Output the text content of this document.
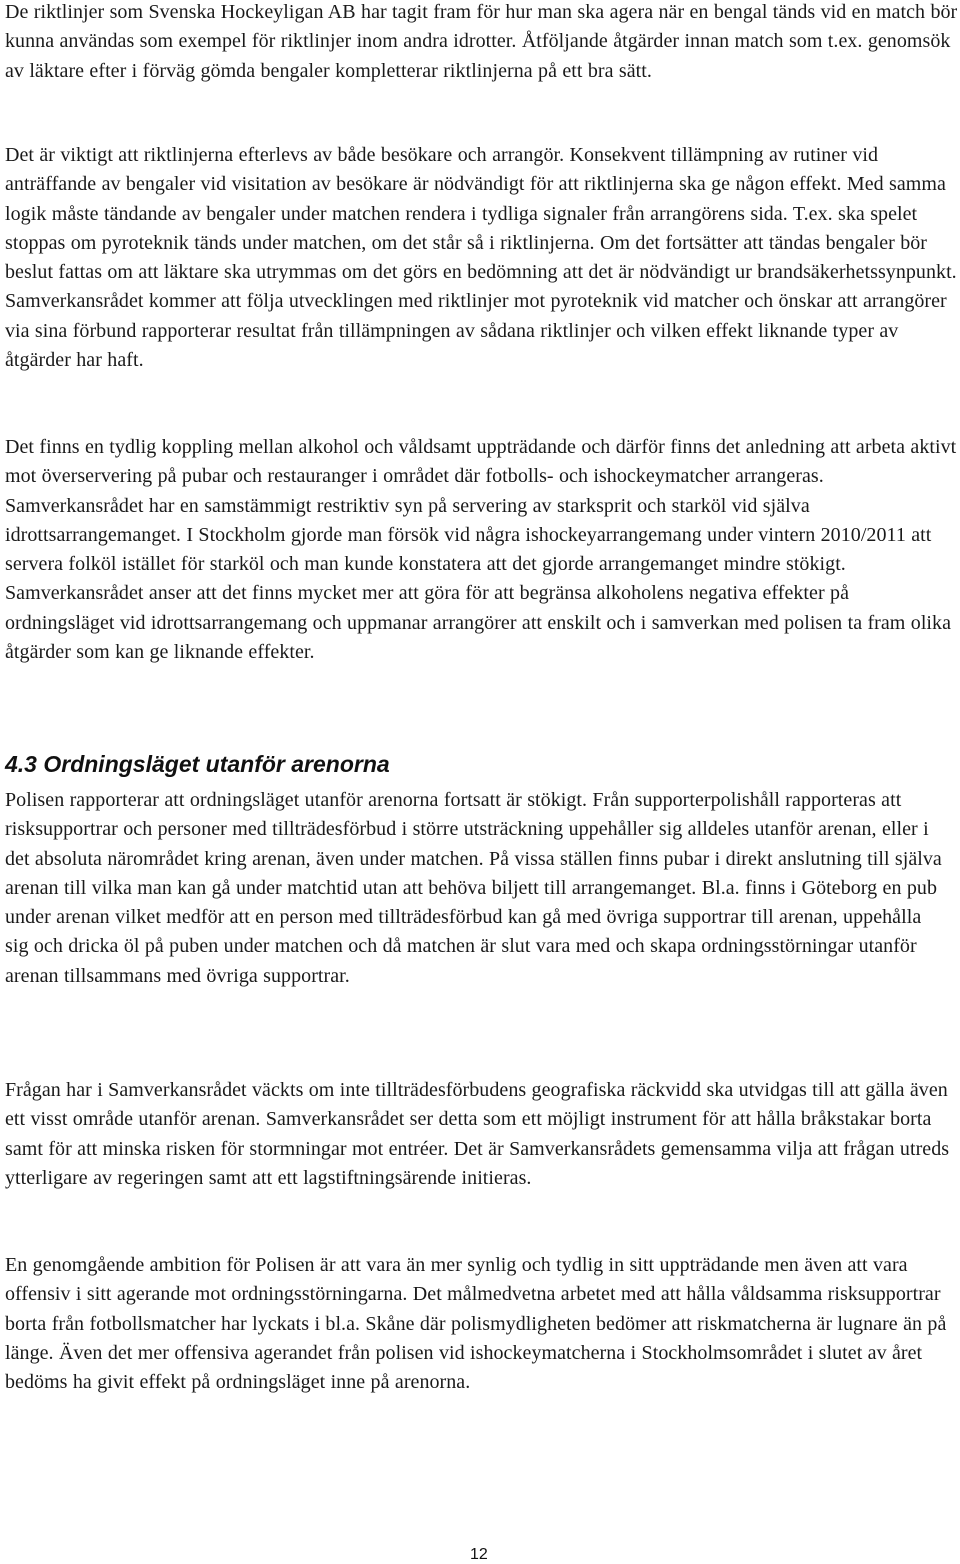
De riktlinjer som Svenska Hockeyligan AB har tagit fram för hur man ska agera när en bengal tänds vid en match bör kunna användas som exempel för riktlinjer inom andra idrotter. Åtföljande åtgärder innan match som t.ex. genomsök av läktare efter i förväg gömda bengaler kompletterar riktlinjerna på ett bra sätt.

Det är viktigt att riktlinjerna efterlevs av både besökare och arrangör. Konsekvent tillämpning av rutiner vid anträffande av bengaler vid visitation av besökare är nödvändigt för att riktlinjerna ska ge någon effekt. Med samma logik måste tändande av bengaler under matchen rendera i tydliga signaler från arrangörens sida. T.ex. ska spelet stoppas om pyroteknik tänds under matchen, om det står så i riktlinjerna. Om det fortsätter att tändas bengaler bör beslut fattas om att läktare ska utrymmas om det görs en bedömning att det är nödvändigt ur brandsäkerhetssynpunkt. Samverkansrådet kommer att följa utvecklingen med riktlinjer mot pyroteknik vid matcher och önskar att arrangörer via sina förbund rapporterar resultat från tillämpningen av sådana riktlinjer och vilken effekt liknande typer av åtgärder har haft.

Det finns en tydlig koppling mellan alkohol och våldsamt uppträdande och därför finns det anledning att arbeta aktivt mot överservering på pubar och restauranger i området där fotbolls- och ishockeymatcher arrangeras. Samverkansrådet har en samstämmigt restriktiv syn på servering av starksprit och starköl vid själva idrottsarrangemanget. I Stockholm gjorde man försök vid några ishockeyarrangemang under vintern 2010/2011 att servera folköl istället för starköl och man kunde konstatera att det gjorde arrangemanget mindre stökigt. Samverkansrådet anser att det finns mycket mer att göra för att begränsa alkoholens negativa effekter på ordningsläget vid idrottsarrangemang och uppmanar arrangörer att enskilt och i samverkan med polisen ta fram olika åtgärder som kan ge liknande effekter.

4.3 Ordningsläget utanför arenorna

Polisen rapporterar att ordningsläget utanför arenorna fortsatt är stökigt. Från supporterpolishåll rapporteras att risksupportrar och personer med tillträdesförbud i större utsträckning uppehåller sig alldeles utanför arenan, eller i det absoluta närområdet kring arenan, även under matchen. På vissa ställen finns pubar i direkt anslutning till själva arenan till vilka man kan gå under matchtid utan att behöva biljett till arrangemanget. Bl.a. finns i Göteborg en pub under arenan vilket medför att en person med tillträdesförbud kan gå med övriga supportrar till arenan, uppehålla sig och dricka öl på puben under matchen och då matchen är slut vara med och skapa ordningsstörningar utanför arenan tillsammans med övriga supportrar.

Frågan har i Samverkansrådet väckts om inte tillträdesförbudens geografiska räckvidd ska utvidgas till att gälla även ett visst område utanför arenan. Samverkansrådet ser detta som ett möjligt instrument för att hålla bråkstakar borta samt för att minska risken för stormningar mot entréer. Det är Samverkansrådets gemensamma vilja att frågan utreds ytterligare av regeringen samt att ett lagstiftningsärende initieras.

En genomgående ambition för Polisen är att vara än mer synlig och tydlig in sitt uppträdande men även att vara offensiv i sitt agerande mot ordningsstörningarna. Det målmedvetna arbetet med att hålla våldsamma risksupportrar borta från fotbollsmatcher har lyckats i bl.a. Skåne där polismydligheten bedömer att riskmatcherna är lugnare än på länge. Även det mer offensiva agerandet från polisen vid ishockeymatcherna i Stockholmsområdet i slutet av året bedöms ha givit effekt på ordningsläget inne på arenorna.

12
